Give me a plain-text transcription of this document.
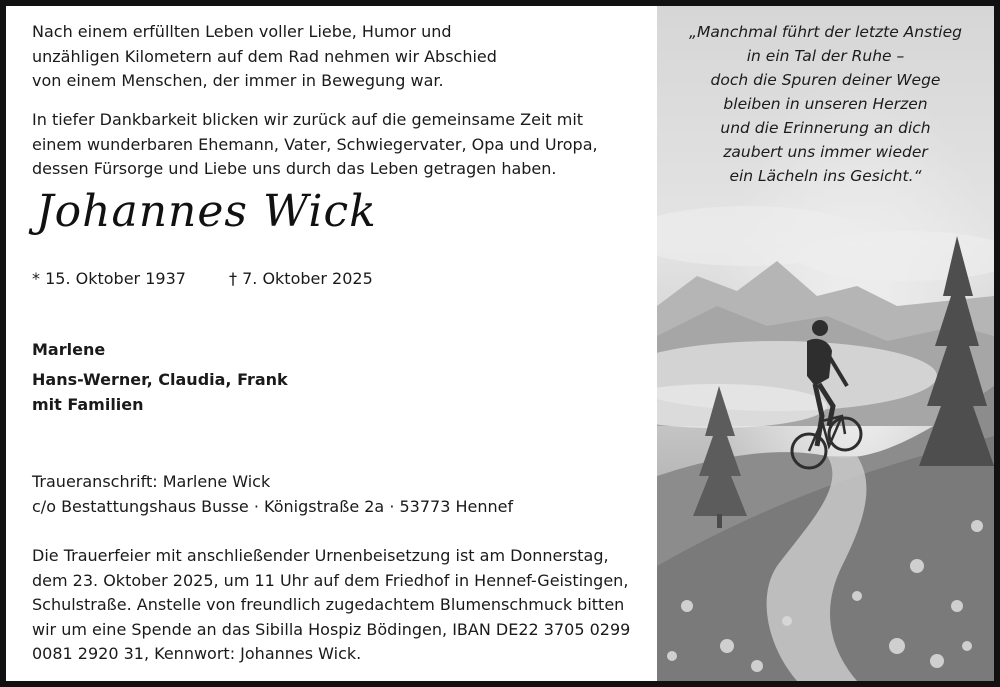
Nach einem erfüllten Leben voller Liebe, Humor und
unzähligen Kilometern auf dem Rad nehmen wir Abschied
von einem Menschen, der immer in Bewegung war.

In tiefer Dankbarkeit blicken wir zurück auf die gemeinsame Zeit mit
einem wunderbaren Ehemann, Vater, Schwiegervater, Opa und Uropa,
dessen Fürsorge und Liebe uns durch das Leben getragen haben.

Johannes Wick
* 15. Oktober 1937	† 7. Oktober 2025
Marlene
Hans-Werner, Claudia, Frank
mit Familien
Traueranschrift: Marlene Wick
c/o Bestattungshaus Busse · Königstraße 2a · 53773 Hennef
Die Trauerfeier mit anschließender Urnenbeisetzung ist am Donnerstag,
dem 23. Oktober 2025, um 11 Uhr auf dem Friedhof in Hennef-Geistingen,
Schulstraße. Anstelle von freundlich zugedachtem Blumenschmuck bitten
wir um eine Spende an das Sibilla Hospiz Bödingen, IBAN DE22 3705 0299
0081 2920 31, Kennwort: Johannes Wick.
„Manchmal führt der letzte Anstieg
in ein Tal der Ruhe –
doch die Spuren deiner Wege
bleiben in unseren Herzen
und die Erinnerung an dich
zaubert uns immer wieder
ein Lächeln ins Gesicht.“
